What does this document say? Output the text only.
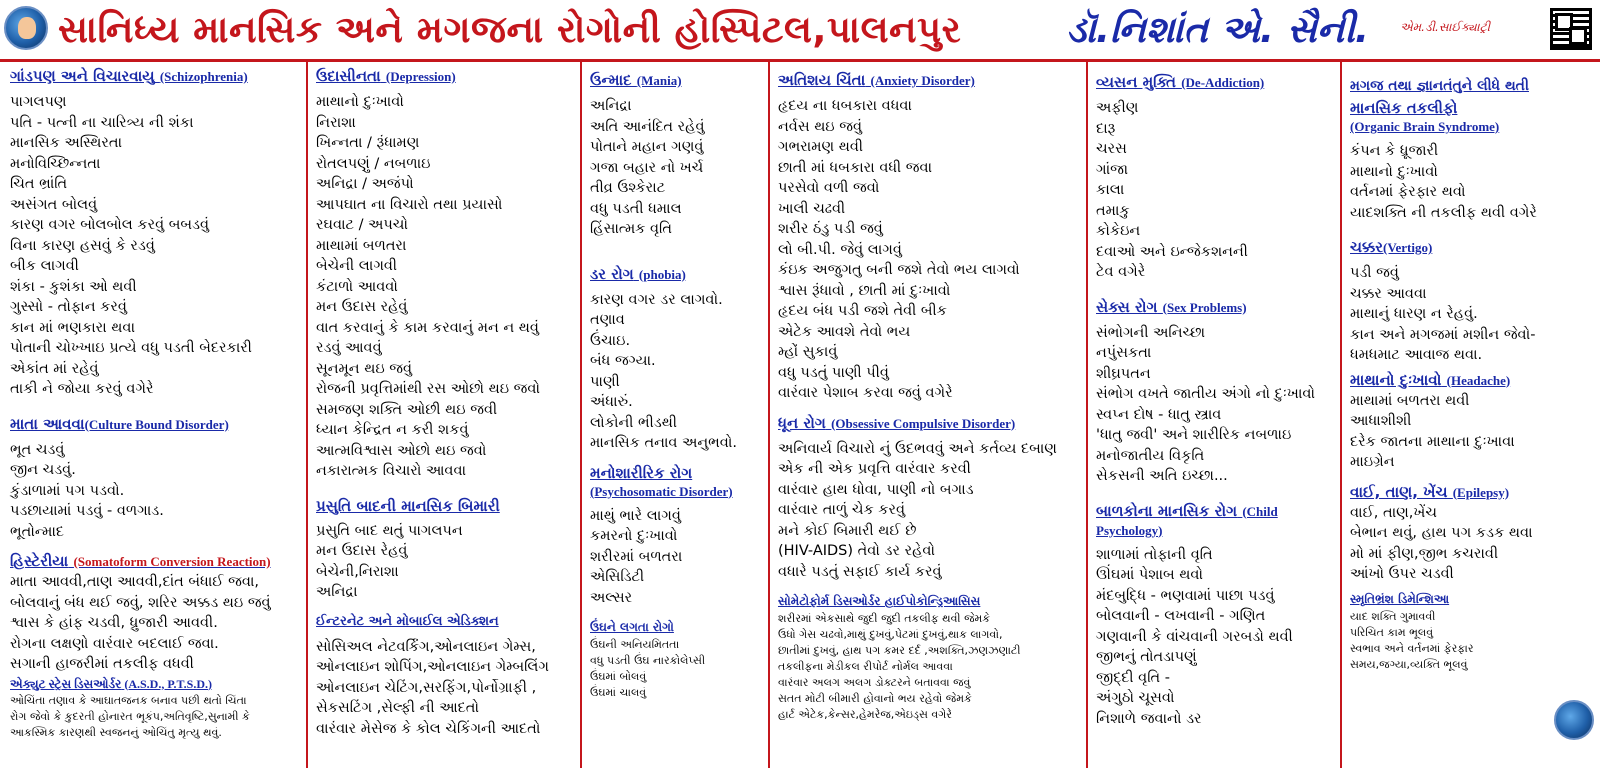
સાનિધ્ય માનસિક અને મગજના રોગોની હોસ્પિટલ,પાલનપુર	ડૉ.નિશાંત એ. સૈની.	એમ.ડી.સાઈક્યાટ્રી
ગાંડપણ અને વિચારવાયુ (Schizophrenia)
પાગલપણ
પતિ - પત્ની ના ચારિત્ર્ય ની શંકા
માનસિક અસ્થિરતા
મનોવિચ્છિન્નતા
ચિત ભ્રાંતિ
અસંગત બોલવું
કારણ વગર બોલબોલ કરવું બબડવું
વિના કારણ હસવું કે રડવું
બીક લાગવી
શંકા - કુશંકા ઓ થવી
ગુસ્સો - તોફાન કરવું
કાન માં ભણકારા થવા
પોતાની ચોખ્ખાઇ પ્રત્યે વધુ પડતી બેદરકારી
એકાંત માં રહેવું
તાકી ને જોયા કરવું વગેરે
માતા આવવા(Culture Bound Disorder)
ભૂત ચડવું
જીન ચડવું.
કુંડાળામાં પગ પડવો.
પડછાયામાં પડવું - વળગાડ.
ભૂતોન્માદ
હિસ્ટેરીયા (Somatoform Conversion Reaction)
માતા આવવી,તાણ આવવી,દાંત બંધાઈ જવા,
બોલવાનું બંધ થઈ જવું, શરિર અક્કડ થઇ જવું
શ્વાસ કે હાંફ ચડવી, ધ્રુજારી આવવી.
રોગના લક્ષણો વારંવાર બદલાઈ જવા.
સગાની હાજરીમાં તકલીફ વધવી
એક્યુટ સ્ટ્રેસ ડિસઓર્ડર (A.S.D., P.T.S.D.)
ઓચિંતા તણાવ કે આઘાતજનક બનાવ પછી થતો ચિંતા
રોગ જેવો કે કુદરતી હોનારત ભૂકંપ,અતિવૃષ્ટિ,સુનામી કે
આકસ્મિક કારણથી સ્વજનનું ઓચિંતુ મૃત્યુ થવું.
ઉદાસીનતા (Depression)
માથાનો દુઃખાવો
નિરાશા
ખિન્નતા / રૂંધામણ
રોતલપણું / નબળાઇ
અનિદ્રા / અજંપો
આપઘાત ના વિચારો તથા પ્રયાસો
રઘવાટ / અપચો
માથામાં બળતરા
બેચેની લાગવી
કંટાળો આવવો
મન ઉદાસ રહેવું
વાત કરવાનું કે કામ કરવાનું મન ન થવું
રડવું આવવું
સૂનમૂન થઇ જવું
રોજની પ્રવૃત્તિમાંથી રસ ઓછો થઇ જવો
સમજણ શક્તિ ઓછી થઇ જવી
ધ્યાન કેન્દ્રિત ન કરી શકવું
આત્મવિશ્વાસ ઓછો થઇ જવો
નકારાત્મક વિચારો આવવા
પ્રસુતિ બાદની માનસિક બિમારી
પ્રસુતિ બાદ થતું પાગલપન
મન ઉદાસ રેહવું
બેચેની,નિરાશા
અનિદ્રા
ઈન્ટરનેટ અને મોબાઈલ એડિક્શન
સોસિઅલ નેટવર્કિંગ,ઓનલાઇન ગેમ્સ,
ઓનલાઇન શોપિંગ,ઓનલાઇન ગેમ્બલિંગ
ઓનલાઇન ચેટિંગ,સરફિંગ,પોર્નોગ્રાફી ,
સેકસટિંગ ,સેલ્ફી ની આદતો
વારંવાર મેસેજ કે કોલ ચેકિંગની આદતો
ઉન્માદ (Mania)
અનિદ્રા
અતિ આનંદિત રહેવું
પોતાને મહાન ગણવું
ગજા બહાર નો ખર્ચ
તીવ્ર ઉશ્કેરાટ
વધુ પડતી ધમાલ
હિંસાત્મક વૃતિ
ડર રોગ (phobia)
કારણ વગર ડર લાગવો.
તણાવ
ઉંચાઇ.
બંધ જગ્યા.
પાણી
અંધારું.
લોકોની ભીડથી
માનસિક તનાવ અનુભવો.
મનોશારીરિક રોગ
(Psychosomatic Disorder)
માથું ભારે લાગવું
કમરનો દુઃખાવો
શરીરમાં બળતરા
એસિડિટી
અલ્સર
ઉંઘને લગતા રોગો
ઉંઘની અનિયમિતતા
વધુ પડતી ઉંઘ નારકોલેપ્સી
ઉંઘમાં બોલવું
ઉંઘમાં ચાલવું
અતિશય ચિંતા (Anxiety Disorder)
હૃદય ના ધબકારા વધવા
નર્વસ થઇ જવું
ગભરામણ થવી
છાતી માં ધબકારા વધી જવા
પરસેવો વળી જવો
ખાલી ચઢવી
શરીર ઠંડુ પડી જવું
લો બી.પી. જેવું લાગવું
કંઇક અજુગતુ બની જશે તેવો ભય લાગવો
શ્વાસ રૂંધાવો , છાતી માં દુઃખાવો
હૃદય બંધ પડી જશે તેવી બીક
એટેક આવશે તેવો ભય
મ્હોં સુકાવું
વધુ પડતું પાણી પીવું
વારંવાર પેશાબ કરવા જવું વગેરે
ધૂન રોગ (Obsessive Compulsive Disorder)
અનિવાર્ય વિચારો નું ઉદભવવું અને કર્તવ્ય દબાણ
એક ની એક પ્રવૃત્તિ વારંવાર કરવી
વારંવાર હાથ ધોવા, પાણી નો બગાડ
વારંવાર તાળું ચેક કરવું
મને કોઈ બિમારી થઈ છે
(HIV-AIDS) તેવો ડર રહેવો
વધારે પડતું સફાઈ કાર્ય કરવું
સોમેટોફોર્મ ડિસઓર્ડર હાઈપોકોન્ડ્રિઆસિસ
શરીરમાં એકસાથે જુદી જુદી તકલીફ થવી જેમકે
ઉધો ગેસ ચઢવો,માથું દુખવું,પેટમાં દુખવું,થાક લાગવો,
છાતીમાં દુખવું, હાથ પગ કમર દર્દ ,અશક્તિ,ઝણઝણાટી
તકલીફના મેડીકલ રીપોર્ટ નોર્મલ આવવા
વારંવાર અલગ અલગ ડોક્ટરને બતાવવા જવું
સતત મોટી બીમારી હોવાનો ભય રહેવો જેમકે
હાર્ટ એટેક,કેન્સર,હેમરેજ,એઇડ્સ વગેરે
વ્યસન મુક્તિ (De-Addiction)
અફીણ
દારૂ
ચરસ
ગાંજા
કાલા
તમાકુ
કોકેઇન
દવાઓ અને ઇન્જેકશનની
ટેવ વગેરે
સેક્સ રોગ (Sex Problems)
સંભોગની અનિચ્છા
નપુંસકતા
શીઘ્રપતન
સંભોગ વખતે જાતીય અંગો નો દુઃખાવો
સ્વપ્ન દોષ - ધાતુ સ્ત્રાવ
'ધાતુ જવી' અને શારીરિક નબળાઇ
મનોજાતીય વિકૃતિ
સેકસની અતિ ઇચ્છા...
બાળકોના માનસિક રોગ (Child
Psychology)
શાળામાં તોફાની વૃતિ
ઊંઘમાં પેશાબ થવો
મંદબુદ્ધિ - ભણવામાં પાછા પડવું
બોલવાની - લખવાની - ગણિત
ગણવાની કે વાંચવાની ગરબડો થવી
જીભનું તોતડાપણું
જીદ્દી વૃતિ -
અંગુઠો ચૂસવો
નિશાળે જવાનો ડર
મગજ તથા જ્ઞાનતંતુને લીધે થતી
માનસિક તકલીફો
(Organic Brain Syndrome)
કંપન કે ધ્રૂજારી
માથાનો દુઃખાવો
વર્તનમાં ફેરફાર થવો
યાદશક્તિ ની તકલીફ થવી વગેરે
ચક્કર(Vertigo)
પડી જવું
ચક્કર આવવા
માથાનું ધારણ ન રેહવું.
કાન અને મગજમાં મશીન જેવો-
ધમધમાટ આવાજ થવા.
માથાનો દુઃખાવો (Headache)
માથામાં બળતરા થવી
આધાશીશી
દરેક જાતના માથાના દુઃખાવા
માઇગ્રેન
વાઈ, તાણ, ખેંચ (Epilepsy)
વાઈ, તાણ,ખેંચ
બેભાન થવું, હાથ પગ કડક થવા
મો માં ફીણ,જીભ કચરાવી
આંખો ઉપર ચડવી
સ્મૃતિભ્રંશ ડિમેન્શિઆ
યાદ શક્તિ ગુમાવવી
પરિચિત કામ ભૂલવું
સ્વભાવ અને વર્તનમાં ફેરફાર
સમય,જગ્યા,વ્યક્તિ ભૂલવું
